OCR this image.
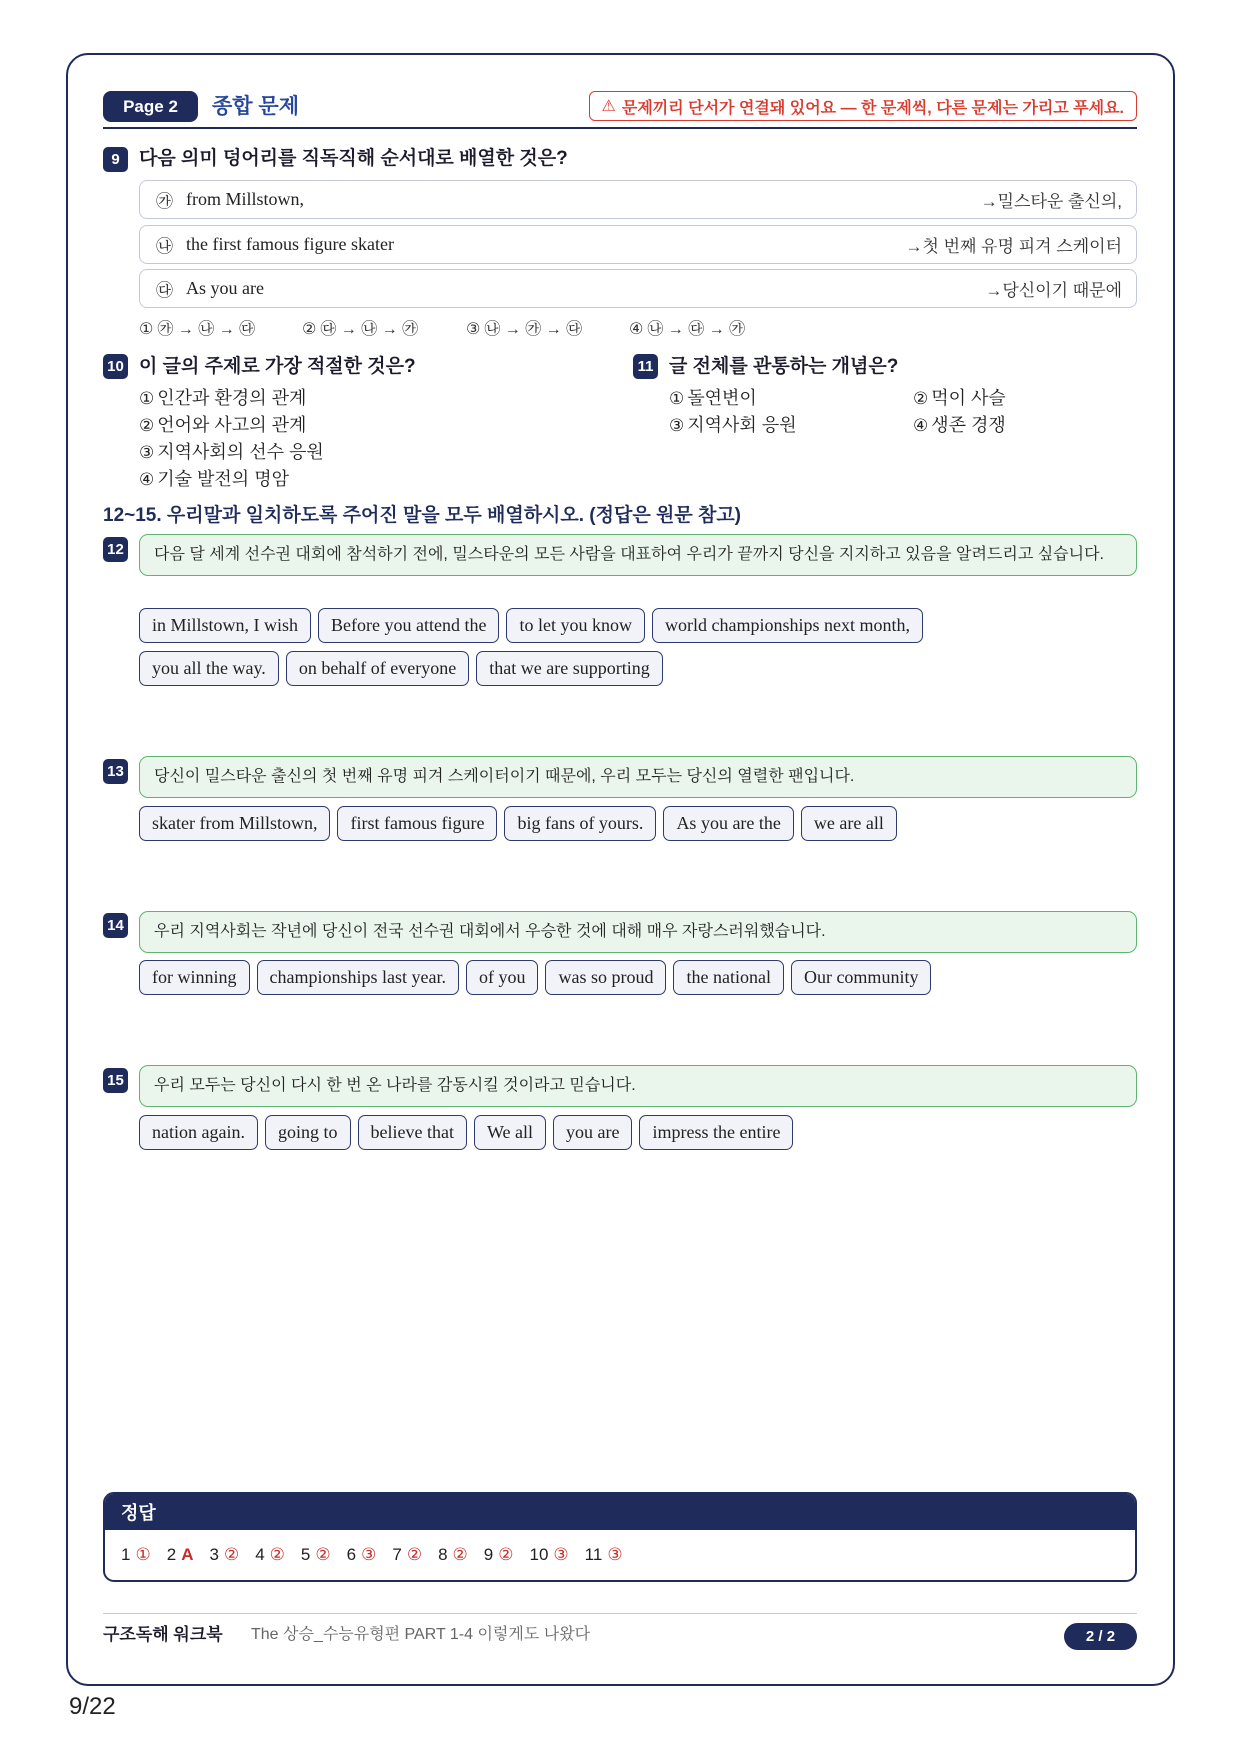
Page 2	종합 문제	⚠ 문제끼리 단서가 연결돼 있어요 — 한 문제씩, 다른 문제는 가리고 푸세요.
9	다음 의미 덩어리를 직독직해 순서대로 배열한 것은?
㉮ from Millstown,	→밀스타운 출신의,
㉯ the first famous figure skater	→첫 번째 유명 피겨 스케이터
㉰ As you are	→당신이기 때문에
① ㉮ → ㉯ → ㉰	② ㉰ → ㉯ → ㉮	③ ㉯ → ㉮ → ㉰	④ ㉯ → ㉰ → ㉮
10 이 글의 주제로 가장 적절한 것은?
① 인간과 환경의 관계
② 언어와 사고의 관계
③ 지역사회의 선수 응원
④ 기술 발전의 명암
11 글 전체를 관통하는 개념은?
① 돌연변이	② 먹이 사슬
③ 지역사회 응원	④ 생존 경쟁
12~15. 우리말과 일치하도록 주어진 말을 모두 배열하시오. (정답은 원문 참고)
12	다음 달 세계 선수권 대회에 참석하기 전에, 밀스타운의 모든 사람을 대표하여 우리가 끝까지 당신을 지지하고 있음을 알려드리고 싶습니다.
in Millstown, I wish	Before you attend the	to let you know	world championships next month,
you all the way.	on behalf of everyone	that we are supporting
13	당신이 밀스타운 출신의 첫 번째 유명 피겨 스케이터이기 때문에, 우리 모두는 당신의 열렬한 팬입니다.
skater from Millstown,	first famous figure	big fans of yours.	As you are the	we are all
14	우리 지역사회는 작년에 당신이 전국 선수권 대회에서 우승한 것에 대해 매우 자랑스러워했습니다.
for winning	championships last year.	of you	was so proud	the national	Our community
15	우리 모두는 당신이 다시 한 번 온 나라를 감동시킬 것이라고 믿습니다.
nation again.	going to	believe that	We all	you are	impress the entire
정답
1 ① 2 A 3 ② 4 ② 5 ② 6 ③ 7 ② 8 ② 9 ② 10 ③ 11 ③
구조독해 워크북 The 상승_수능유형편 PART 1-4 이렇게도 나왔다	2 / 2
9/22
